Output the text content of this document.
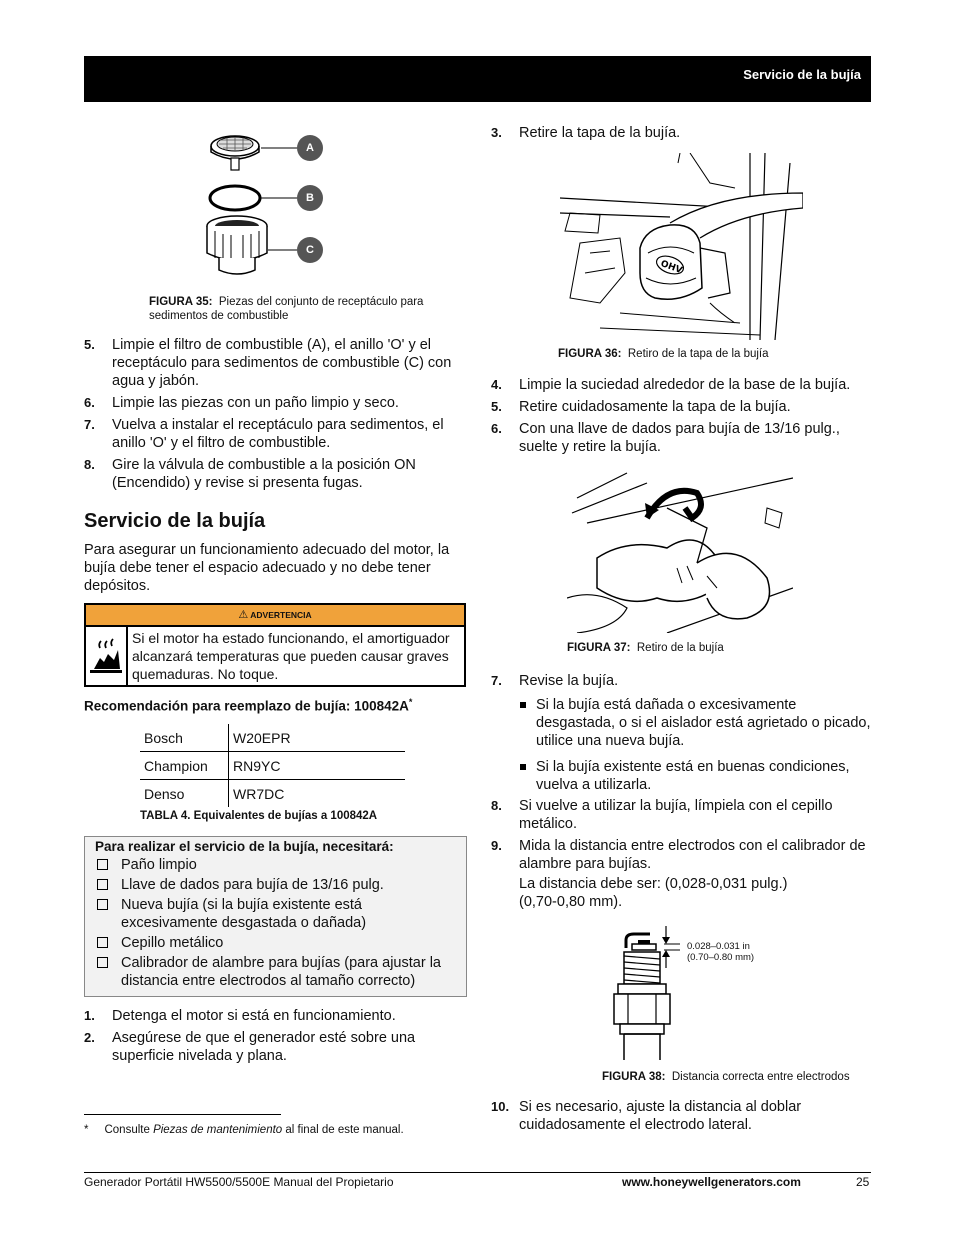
Servicio de la bujía
A
B
C
FIGURA 35: Piezas del conjunto de receptáculo para sedimentos de combustible
5. Limpie el filtro de combustible (A), el anillo 'O' y el receptáculo para sedimentos de combustible (C) con agua y jabón.
6. Limpie las piezas con un paño limpio y seco.
7. Vuelva a instalar el receptáculo para sedimentos, el anillo 'O' y el filtro de combustible.
8. Gire la válvula de combustible a la posición ON (Encendido) y revise si presenta fugas.
Servicio de la bujía

Para asegurar un funcionamiento adecuado del motor, la bujía debe tener el espacio adecuado y no debe tener depósitos.

⚠ ADVERTENCIA
Si el motor ha estado funcionando, el amortiguador alcanzará temperaturas que pueden causar graves quemaduras. No toque.
Recomendación para reemplazo de bujía: 100842A*
Bosch	W20EPR
Champion	RN9YC
Denso	WR7DC
TABLA 4. Equivalentes de bujías a 100842A
Para realizar el servicio de la bujía, necesitará:
Paño limpio
Llave de dados para bujía de 13/16 pulg.
Nueva bujía (si la bujía existente está excesivamente desgastada o dañada)
Cepillo metálico
Calibrador de alambre para bujías (para ajustar la distancia entre electrodos al tamaño correcto)
1. Detenga el motor si está en funcionamiento.
2. Asegúrese de que el generador esté sobre una superficie nivelada y plana.
* Consulte Piezas de mantenimiento al final de este manual.
3. Retire la tapa de la bujía.
OHV
FIGURA 36: Retiro de la tapa de la bujía
4. Limpie la suciedad alrededor de la base de la bujía.
5. Retire cuidadosamente la tapa de la bujía.
6. Con una llave de dados para bujía de 13/16 pulg., suelte y retire la bujía.
FIGURA 37: Retiro de la bujía
7. Revise la bujía.
Si la bujía está dañada o excesivamente desgastada, o si el aislador está agrietado o picado, utilice una nueva bujía.
Si la bujía existente está en buenas condiciones, vuelva a utilizarla.
8. Si vuelve a utilizar la bujía, límpiela con el cepillo metálico.
9. Mida la distancia entre electrodos con el calibrador de alambre para bujías.

La distancia debe ser: (0,028-0,031 pulg.) (0,70-0,80 mm).

0.028–0.031 in
(0.70–0.80 mm)
FIGURA 38: Distancia correcta entre electrodos
10. Si es necesario, ajuste la distancia al doblar cuidadosamente el electrodo lateral.
Generador Portátil HW5500/5500E Manual del Propietario	www.honeywellgenerators.com	25
